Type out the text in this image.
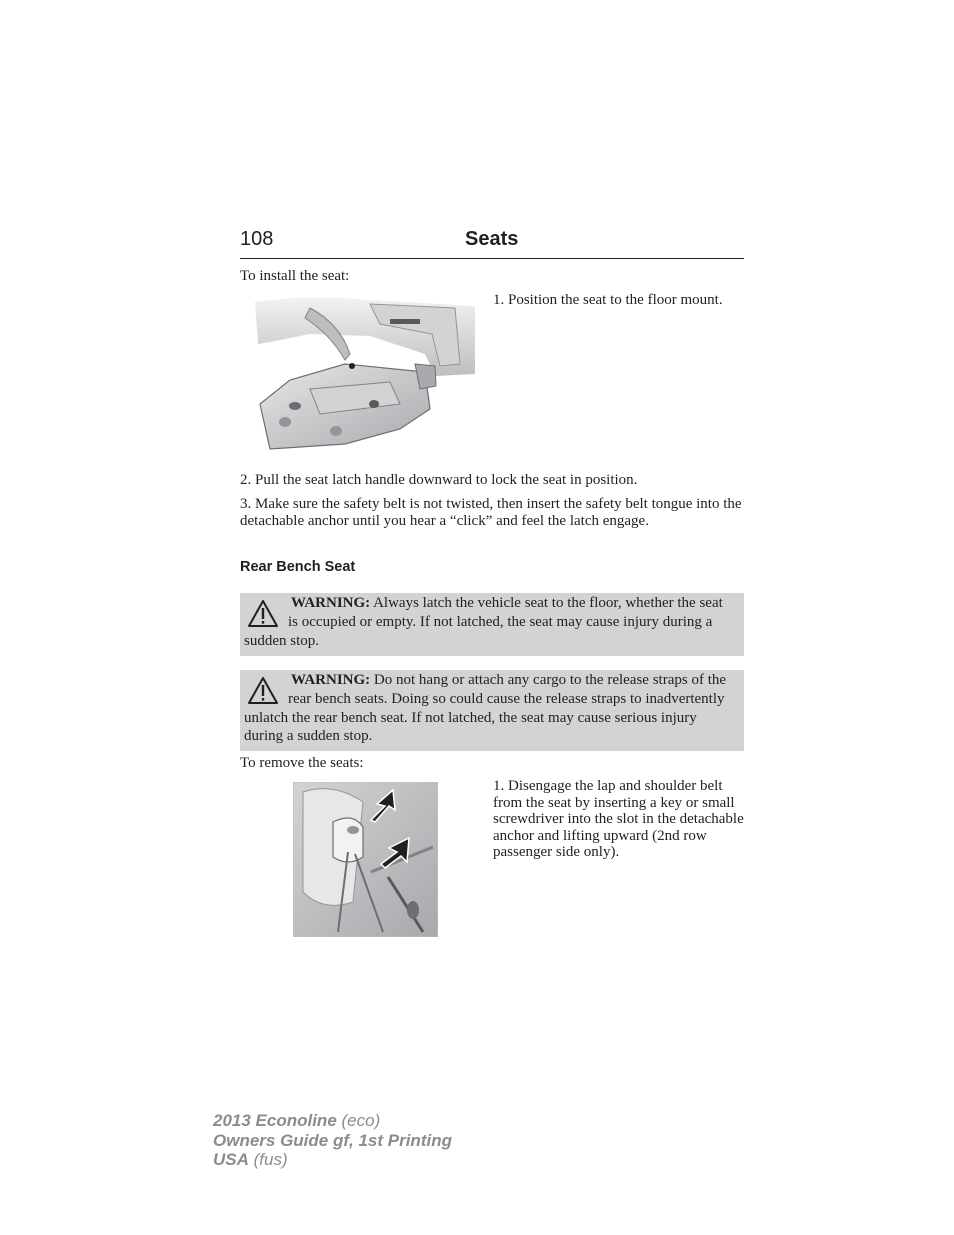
108	Seats
To install the seat:
1. Position the seat to the floor mount.
2. Pull the seat latch handle downward to lock the seat in position.
3. Make sure the safety belt is not twisted, then insert the safety belt tongue into the detachable anchor until you hear a “click” and feel the latch engage.
Rear Bench Seat
WARNING: Always latch the vehicle seat to the floor, whether the seat is occupied or empty. If not latched, the seat may cause injury during a sudden stop.
WARNING: Do not hang or attach any cargo to the release straps of the rear bench seats. Doing so could cause the release straps to inadvertently unlatch the rear bench seat. If not latched, the seat may cause serious injury during a sudden stop.
To remove the seats:
1. Disengage the lap and shoulder belt from the seat by inserting a key or small screwdriver into the slot in the detachable anchor and lifting upward (2nd row passenger side only).
2013 Econoline (eco)
Owners Guide gf, 1st Printing
USA (fus)
